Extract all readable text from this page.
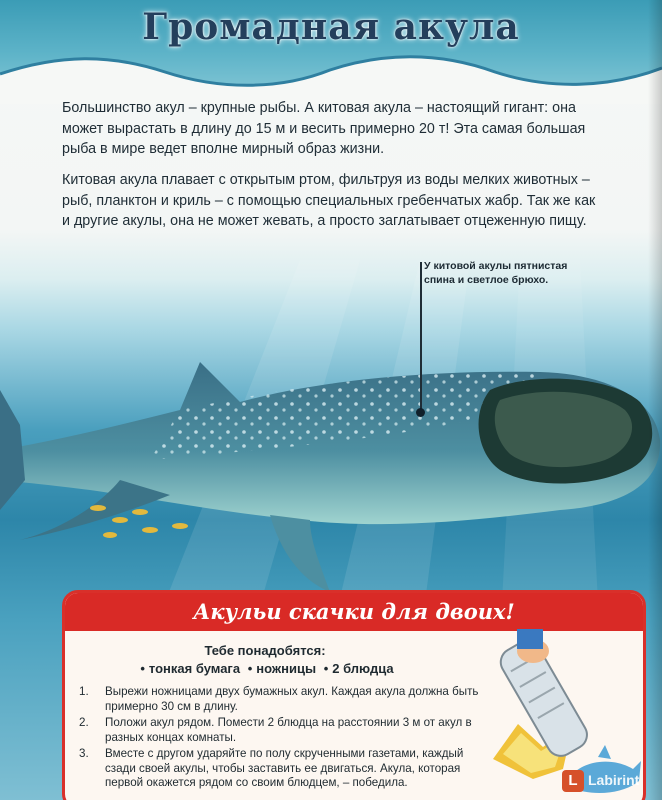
Громадная акула

Большинство акул – крупные рыбы. А китовая акула – настоящий гигант: она может вырастать в длину до 15 м и весить примерно 20 т! Эта самая большая рыба в мире ведет вполне мирный образ жизни.

Китовая акула плавает с открытым ртом, фильтруя из воды мелких животных – рыб, планктон и криль – с помощью специальных гребенчатых жабр. Так же как и другие акулы, она не может жевать, а просто заглатывает отцеженную пищу.

У китовой акулы пятнистая спина и светлое брюхо.
Акульи скачки для двоих!
Тебе понадобятся:
• тонкая бумага • ножницы • 2 блюдца
1. Вырежи ножницами двух бумажных акул. Каждая акула должна быть примерно 30 см в длину.
2. Положи акул рядом. Помести 2 блюдца на расстоянии 3 м от акул в разных концах комнаты.
3. Вместе с другом ударяйте по полу скрученными газетами, каждый сзади своей акулы, чтобы заставить ее двигаться. Акула, которая первой окажется рядом со своим блюдцем, – победила.	L Labirint
